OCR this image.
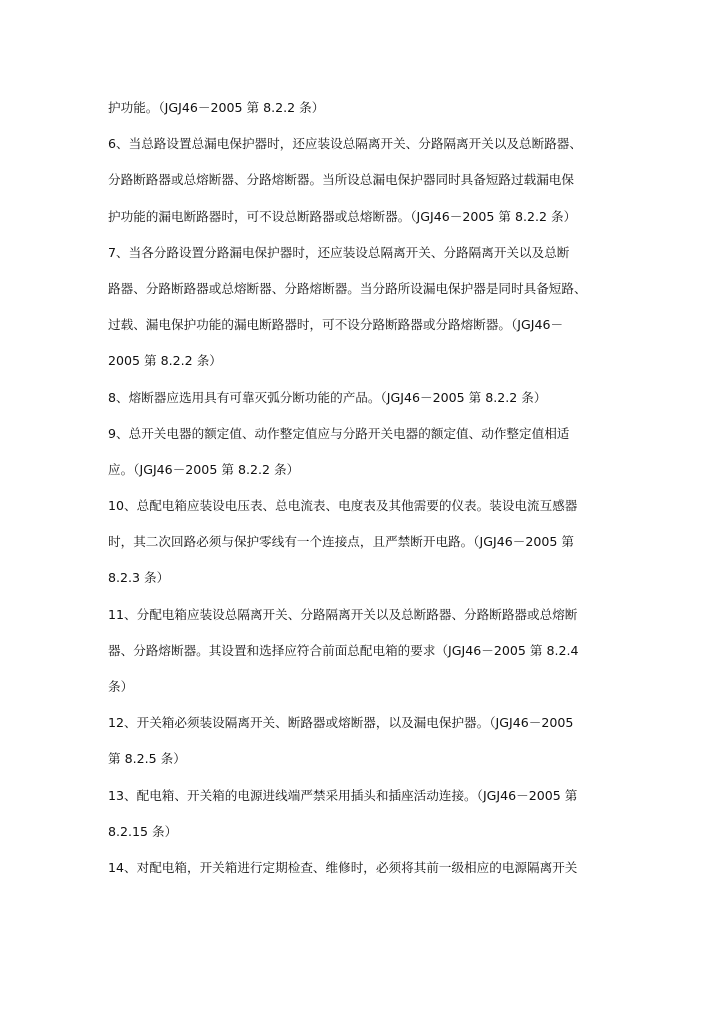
护功能。（JGJ46－2005 第 8.2.2 条）
6、当总路设置总漏电保护器时，还应装设总隔离开关、分路隔离开关以及总断路器、
分路断路器或总熔断器、分路熔断器。当所设总漏电保护器同时具备短路过载漏电保
护功能的漏电断路器时，可不设总断路器或总熔断器。（JGJ46－2005 第 8.2.2 条）
7、当各分路设置分路漏电保护器时，还应装设总隔离开关、分路隔离开关以及总断
路器、分路断路器或总熔断器、分路熔断器。当分路所设漏电保护器是同时具备短路、
过载、漏电保护功能的漏电断路器时，可不设分路断路器或分路熔断器。（JGJ46－
2005 第 8.2.2 条）
8、熔断器应选用具有可靠灭弧分断功能的产品。（JGJ46－2005 第 8.2.2 条）
9、总开关电器的额定值、动作整定值应与分路开关电器的额定值、动作整定值相适
应。（JGJ46－2005 第 8.2.2 条）
10、总配电箱应装设电压表、总电流表、电度表及其他需要的仪表。装设电流互感器
时，其二次回路必须与保护零线有一个连接点，且严禁断开电路。（JGJ46－2005 第
8.2.3 条）
11、分配电箱应装设总隔离开关、分路隔离开关以及总断路器、分路断路器或总熔断
器、分路熔断器。其设置和选择应符合前面总配电箱的要求（JGJ46－2005 第 8.2.4
条）
12、开关箱必须装设隔离开关、断路器或熔断器，以及漏电保护器。（JGJ46－2005
第 8.2.5 条）
13、配电箱、开关箱的电源进线端严禁采用插头和插座活动连接。（JGJ46－2005 第
8.2.15 条）
14、对配电箱，开关箱进行定期检查、维修时，必须将其前一级相应的电源隔离开关
